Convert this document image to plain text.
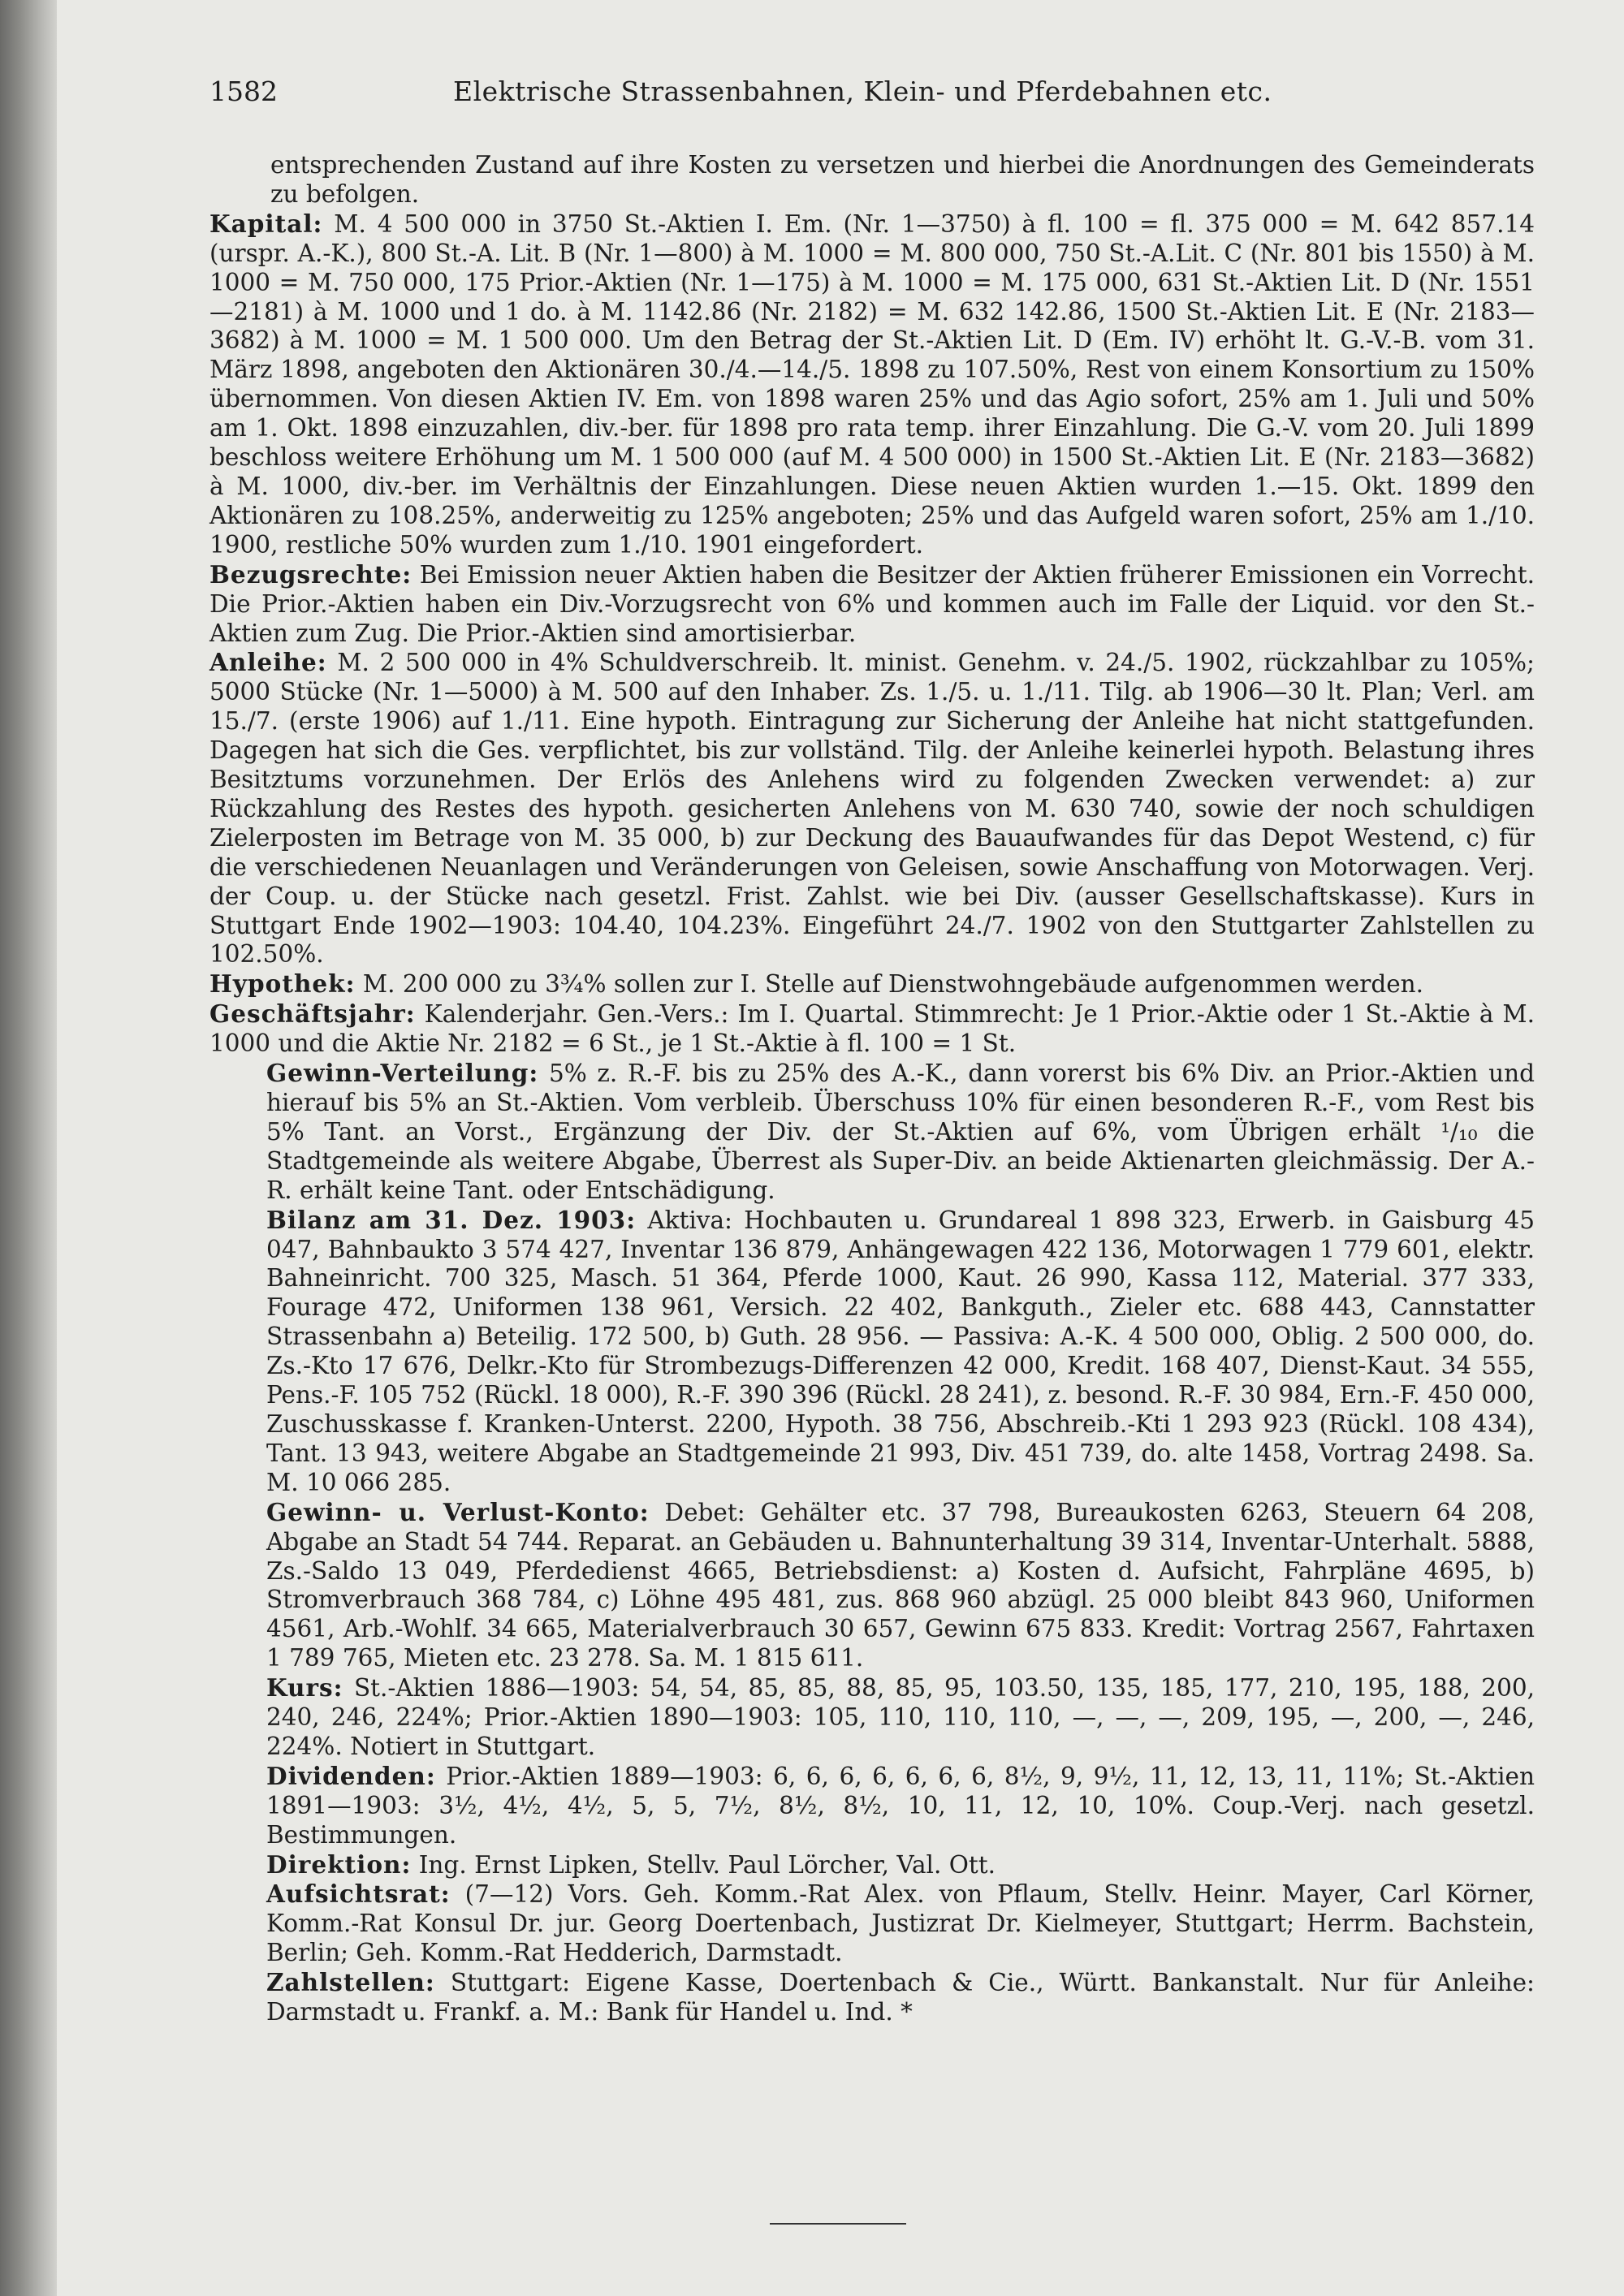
1582	Elektrische Strassenbahnen, Klein- und Pferdebahnen etc.

entsprechenden Zustand auf ihre Kosten zu versetzen und hierbei die Anordnungen des Gemeinderats zu befolgen.

Kapital: M. 4 500 000 in 3750 St.-Aktien I. Em. (Nr. 1—3750) à fl. 100 = fl. 375 000 = M. 642 857.14 (urspr. A.-K.), 800 St.-A. Lit. B (Nr. 1—800) à M. 1000 = M. 800 000, 750 St.-A.Lit. C (Nr. 801 bis 1550) à M. 1000 = M. 750 000, 175 Prior.-Aktien (Nr. 1—175) à M. 1000 = M. 175 000, 631 St.-Aktien Lit. D (Nr. 1551—2181) à M. 1000 und 1 do. à M. 1142.86 (Nr. 2182) = M. 632 142.86, 1500 St.-Aktien Lit. E (Nr. 2183—3682) à M. 1000 = M. 1 500 000. Um den Betrag der St.-Aktien Lit. D (Em. IV) erhöht lt. G.-V.-B. vom 31. März 1898, angeboten den Aktionären 30./4.—14./5. 1898 zu 107.50%, Rest von einem Konsortium zu 150% übernommen. Von diesen Aktien IV. Em. von 1898 waren 25% und das Agio sofort, 25% am 1. Juli und 50% am 1. Okt. 1898 einzuzahlen, div.-ber. für 1898 pro rata temp. ihrer Einzahlung. Die G.-V. vom 20. Juli 1899 beschloss weitere Erhöhung um M. 1 500 000 (auf M. 4 500 000) in 1500 St.-Aktien Lit. E (Nr. 2183—3682) à M. 1000, div.-ber. im Verhältnis der Einzahlungen. Diese neuen Aktien wurden 1.—15. Okt. 1899 den Aktionären zu 108.25%, anderweitig zu 125% angeboten; 25% und das Aufgeld waren sofort, 25% am 1./10. 1900, restliche 50% wurden zum 1./10. 1901 eingefordert.

Bezugsrechte: Bei Emission neuer Aktien haben die Besitzer der Aktien früherer Emissionen ein Vorrecht. Die Prior.-Aktien haben ein Div.-Vorzugsrecht von 6% und kommen auch im Falle der Liquid. vor den St.-Aktien zum Zug. Die Prior.-Aktien sind amortisierbar.

Anleihe: M. 2 500 000 in 4% Schuldverschreib. lt. minist. Genehm. v. 24./5. 1902, rückzahlbar zu 105%; 5000 Stücke (Nr. 1—5000) à M. 500 auf den Inhaber. Zs. 1./5. u. 1./11. Tilg. ab 1906—30 lt. Plan; Verl. am 15./7. (erste 1906) auf 1./11. Eine hypoth. Eintragung zur Sicherung der Anleihe hat nicht stattgefunden. Dagegen hat sich die Ges. verpflichtet, bis zur vollständ. Tilg. der Anleihe keinerlei hypoth. Belastung ihres Besitztums vorzunehmen. Der Erlös des Anlehens wird zu folgenden Zwecken verwendet: a) zur Rückzahlung des Restes des hypoth. gesicherten Anlehens von M. 630 740, sowie der noch schuldigen Zielerposten im Betrage von M. 35 000, b) zur Deckung des Bauaufwandes für das Depot Westend, c) für die verschiedenen Neuanlagen und Veränderungen von Geleisen, sowie Anschaffung von Motorwagen. Verj. der Coup. u. der Stücke nach gesetzl. Frist. Zahlst. wie bei Div. (ausser Gesellschaftskasse). Kurs in Stuttgart Ende 1902—1903: 104.40, 104.23%. Eingeführt 24./7. 1902 von den Stuttgarter Zahlstellen zu 102.50%.

Hypothek: M. 200 000 zu 3¾% sollen zur I. Stelle auf Dienstwohngebäude aufgenommen werden.

Geschäftsjahr: Kalenderjahr. Gen.-Vers.: Im I. Quartal. Stimmrecht: Je 1 Prior.-Aktie oder 1 St.-Aktie à M. 1000 und die Aktie Nr. 2182 = 6 St., je 1 St.-Aktie à fl. 100 = 1 St.

Gewinn-Verteilung: 5% z. R.-F. bis zu 25% des A.-K., dann vorerst bis 6% Div. an Prior.-Aktien und hierauf bis 5% an St.-Aktien. Vom verbleib. Überschuss 10% für einen besonderen R.-F., vom Rest bis 5% Tant. an Vorst., Ergänzung der Div. der St.-Aktien auf 6%, vom Übrigen erhält ¹/₁₀ die Stadtgemeinde als weitere Abgabe, Überrest als Super-Div. an beide Aktienarten gleichmässig. Der A.-R. erhält keine Tant. oder Entschädigung.

Bilanz am 31. Dez. 1903: Aktiva: Hochbauten u. Grundareal 1 898 323, Erwerb. in Gaisburg 45 047, Bahnbaukto 3 574 427, Inventar 136 879, Anhängewagen 422 136, Motorwagen 1 779 601, elektr. Bahneinricht. 700 325, Masch. 51 364, Pferde 1000, Kaut. 26 990, Kassa 112, Material. 377 333, Fourage 472, Uniformen 138 961, Versich. 22 402, Bankguth., Zieler etc. 688 443, Cannstatter Strassenbahn a) Beteilig. 172 500, b) Guth. 28 956. — Passiva: A.-K. 4 500 000, Oblig. 2 500 000, do. Zs.-Kto 17 676, Delkr.-Kto für Strombezugs-Differenzen 42 000, Kredit. 168 407, Dienst-Kaut. 34 555, Pens.-F. 105 752 (Rückl. 18 000), R.-F. 390 396 (Rückl. 28 241), z. besond. R.-F. 30 984, Ern.-F. 450 000, Zuschusskasse f. Kranken-Unterst. 2200, Hypoth. 38 756, Abschreib.-Kti 1 293 923 (Rückl. 108 434), Tant. 13 943, weitere Abgabe an Stadtgemeinde 21 993, Div. 451 739, do. alte 1458, Vortrag 2498. Sa. M. 10 066 285.

Gewinn- u. Verlust-Konto: Debet: Gehälter etc. 37 798, Bureaukosten 6263, Steuern 64 208, Abgabe an Stadt 54 744. Reparat. an Gebäuden u. Bahnunterhaltung 39 314, Inventar-Unterhalt. 5888, Zs.-Saldo 13 049, Pferdedienst 4665, Betriebsdienst: a) Kosten d. Aufsicht, Fahrpläne 4695, b) Stromverbrauch 368 784, c) Löhne 495 481, zus. 868 960 abzügl. 25 000 bleibt 843 960, Uniformen 4561, Arb.-Wohlf. 34 665, Materialverbrauch 30 657, Gewinn 675 833. Kredit: Vortrag 2567, Fahrtaxen 1 789 765, Mieten etc. 23 278. Sa. M. 1 815 611.

Kurs: St.-Aktien 1886—1903: 54, 54, 85, 85, 88, 85, 95, 103.50, 135, 185, 177, 210, 195, 188, 200, 240, 246, 224%; Prior.-Aktien 1890—1903: 105, 110, 110, 110, —, —, —, 209, 195, —, 200, —, 246, 224%. Notiert in Stuttgart.

Dividenden: Prior.-Aktien 1889—1903: 6, 6, 6, 6, 6, 6, 6, 8½, 9, 9½, 11, 12, 13, 11, 11%; St.-Aktien 1891—1903: 3½, 4½, 4½, 5, 5, 7½, 8½, 8½, 10, 11, 12, 10, 10%. Coup.-Verj. nach gesetzl. Bestimmungen.

Direktion: Ing. Ernst Lipken, Stellv. Paul Lörcher, Val. Ott.

Aufsichtsrat: (7—12) Vors. Geh. Komm.-Rat Alex. von Pflaum, Stellv. Heinr. Mayer, Carl Körner, Komm.-Rat Konsul Dr. jur. Georg Doertenbach, Justizrat Dr. Kielmeyer, Stuttgart; Herrm. Bachstein, Berlin; Geh. Komm.-Rat Hedderich, Darmstadt.

Zahlstellen: Stuttgart: Eigene Kasse, Doertenbach & Cie., Württ. Bankanstalt. Nur für Anleihe: Darmstadt u. Frankf. a. M.: Bank für Handel u. Ind. *
